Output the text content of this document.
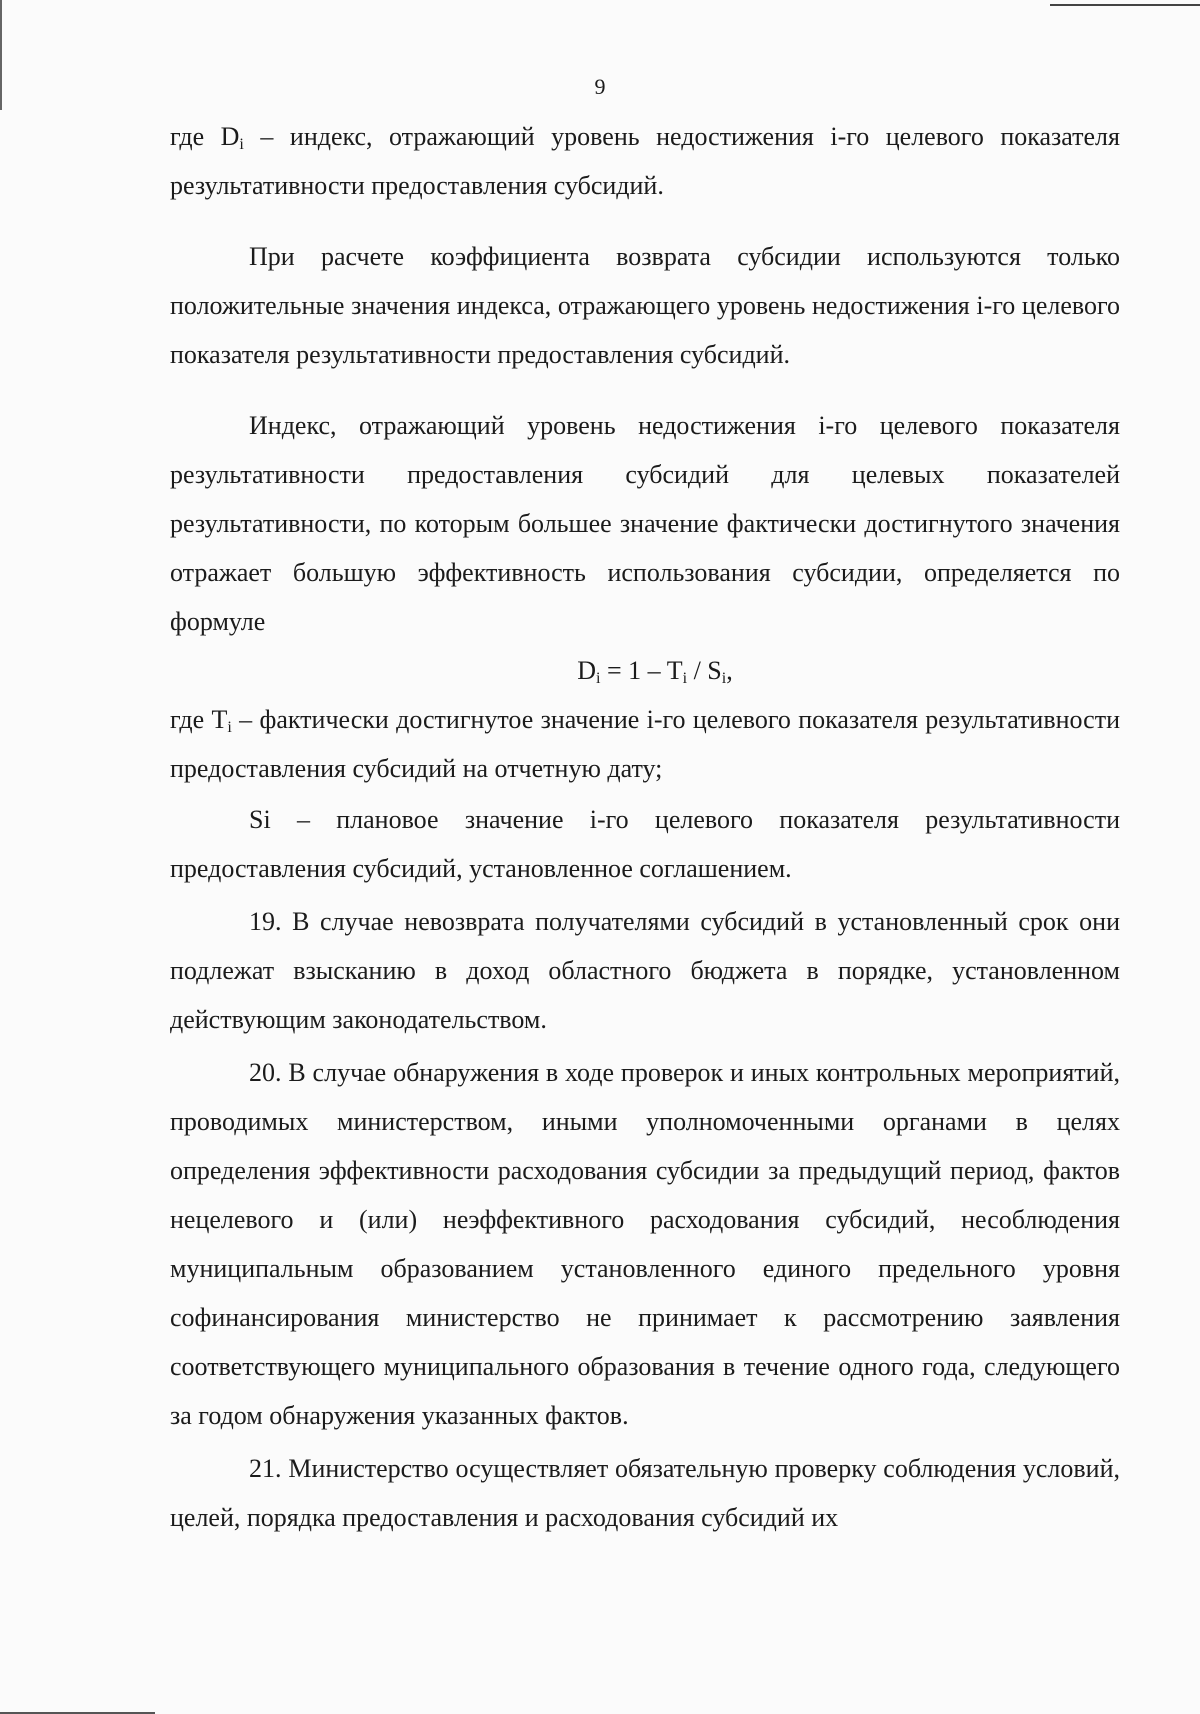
9

где $D_i$ – индекс, отражающий уровень недостижения i-го целевого показателя результативности предоставления субсидий.

При расчете коэффициента возврата субсидии используются только положительные значения индекса, отражающего уровень недостижения i-го целевого показателя результативности предоставления субсидий.

Индекс, отражающий уровень недостижения i-го целевого показателя результативности предоставления субсидий для целевых показателей результативности, по которым большее значение фактически достигнутого значения отражает большую эффективность использования субсидии, определяется по формуле

$D_i = 1 - T_i / S_i$,

где $T_i$ – фактически достигнутое значение i-го целевого показателя результативности предоставления субсидий на отчетную дату;

Si – плановое значение i-го целевого показателя результативности предоставления субсидий, установленное соглашением.

19. В случае невозврата получателями субсидий в установленный срок они подлежат взысканию в доход областного бюджета в порядке, установленном действующим законодательством.

20. В случае обнаружения в ходе проверок и иных контрольных мероприятий, проводимых министерством, иными уполномоченными органами в целях определения эффективности расходования субсидии за предыдущий период, фактов нецелевого и (или) неэффективного расходования субсидий, несоблюдения муниципальным образованием установленного единого предельного уровня софинансирования министерство не принимает к рассмотрению заявления соответствующего муниципального образования в течение одного года, следующего за годом обнаружения указанных фактов.

21. Министерство осуществляет обязательную проверку соблюдения условий, целей, порядка предоставления и расходования субсидий их
